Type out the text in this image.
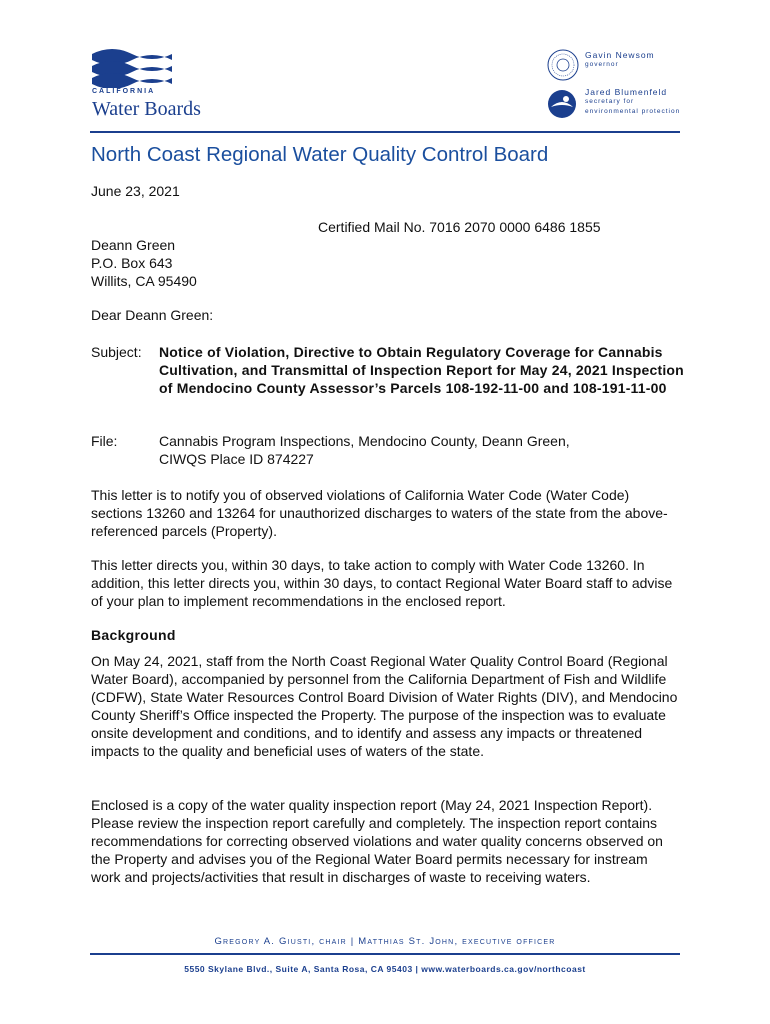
CALIFORNIA
Water Boards
Gavin Newsom
governor
Jared Blumenfeld
secretary for
environmental protection
North Coast Regional Water Quality Control Board
June 23, 2021
Certified Mail No. 7016 2070 0000 6486 1855
Deann Green
P.O. Box 643
Willits, CA 95490
Dear Deann Green:
Subject: Notice of Violation, Directive to Obtain Regulatory Coverage for Cannabis Cultivation, and Transmittal of Inspection Report for May 24, 2021 Inspection of Mendocino County Assessor’s Parcels 108-192-11-00 and 108-191-11-00
File:	Cannabis Program Inspections, Mendocino County, Deann Green,
CIWQS Place ID 874227
This letter is to notify you of observed violations of California Water Code (Water Code) sections 13260 and 13264 for unauthorized discharges to waters of the state from the above-referenced parcels (Property).
This letter directs you, within 30 days, to take action to comply with Water Code 13260. In addition, this letter directs you, within 30 days, to contact Regional Water Board staff to advise of your plan to implement recommendations in the enclosed report.
Background
On May 24, 2021, staff from the North Coast Regional Water Quality Control Board (Regional Water Board), accompanied by personnel from the California Department of Fish and Wildlife (CDFW), State Water Resources Control Board Division of Water Rights (DIV), and Mendocino County Sheriff’s Office inspected the Property. The purpose of the inspection was to evaluate onsite development and conditions, and to identify and assess any impacts or threatened impacts to the quality and beneficial uses of waters of the state.
Enclosed is a copy of the water quality inspection report (May 24, 2021 Inspection Report). Please review the inspection report carefully and completely. The inspection report contains recommendations for correcting observed violations and water quality concerns observed on the Property and advises you of the Regional Water Board permits necessary for instream work and projects/activities that result in discharges of waste to receiving waters.
Gregory A. Giusti, chair | Matthias St. John, executive officer
5550 Skylane Blvd., Suite A, Santa Rosa, CA 95403 | www.waterboards.ca.gov/northcoast
